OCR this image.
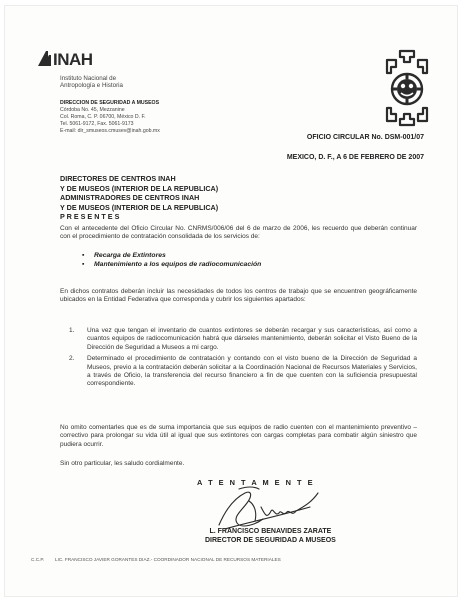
INAH
Instituto Nacional de
Antropología e Historia
DIRECCION DE SEGURIDAD A MUSEOS
Córdoba No. 45, Mezzanine
Col. Roma, C. P. 06700, México D. F.
Tel. 5061-9172, Fax. 5061-9173
E-mail: dir_smuseos.cmusev@inah.gob.mx
OFICIO CIRCULAR No. DSM-001/07
MEXICO, D. F., A 6 DE FEBRERO DE 2007
DIRECTORES DE CENTROS INAH
Y DE MUSEOS (INTERIOR DE LA REPUBLICA)
ADMINISTRADORES DE CENTROS INAH
Y DE MUSEOS (INTERIOR DE LA REPUBLICA)
P R E S E N T E S
Con el antecedente del Oficio Circular No. CNRMS/006/06 del 6 de marzo de 2006, les recuerdo que deberán continuar con el procedimiento de contratación consolidada de los servicios de:
▪ Recarga de Extintores
▪ Mantenimiento a los equipos de radiocomunicación
En dichos contratos deberán incluir las necesidades de todos los centros de trabajo que se encuentren geográficamente ubicados en la Entidad Federativa que corresponda y cubrir los siguientes apartados:
1. Una vez que tengan el inventario de cuantos extintores se deberán recargar y sus características, así como a cuantos equipos de radiocomunicación habrá que dárseles mantenimiento, deberán solicitar el Visto Bueno de la Dirección de Seguridad a Museos a mi cargo.
2. Determinado el procedimiento de contratación y contando con el visto bueno de la Dirección de Seguridad a Museos, previo a la contratación deberán solicitar a la Coordinación Nacional de Recursos Materiales y Servicios, a través de Oficio, la transferencia del recurso financiero a fin de que cuenten con la suficiencia presupuestal correspondiente.
No omito comentarles que es de suma importancia que sus equipos de radio cuenten con el mantenimiento preventivo – correctivo para prolongar su vida útil al igual que sus extintores con cargas completas para combatir algún siniestro que pudiera ocurrir.
Sin otro particular, les saludo cordialmente.
A T E N T A M E N T E
L. FRANCISCO BENAVIDES ZARATE
DIRECTOR DE SEGURIDAD A MUSEOS
C.C.P. LIC. FRANCISCO JAVIER GORANTES DIAZ.- COORDINADOR NACIONAL DE RECURSOS MATERIALES
